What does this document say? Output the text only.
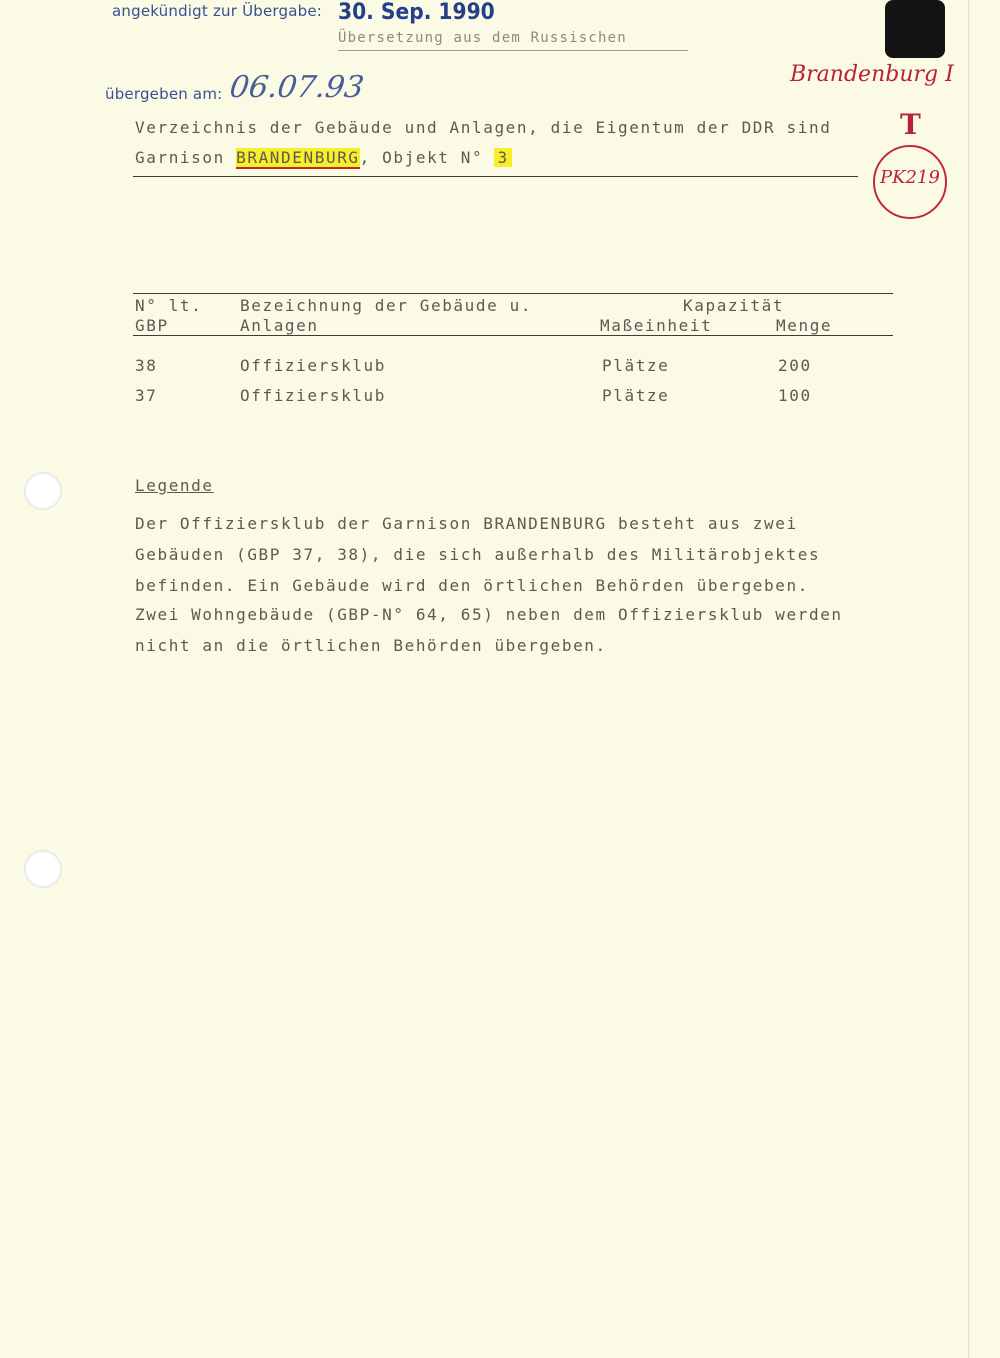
angekündigt zur Übergabe: 30. Sep. 1990
Übersetzung aus dem Russischen
übergeben am: 06.07.93	Brandenburg I
T
PK219
Verzeichnis der Gebäude und Anlagen, die Eigentum der DDR sind
Garnison BRANDENBURG, Objekt N° 3
N° lt.
GBP
Bezeichnung der Gebäude u.
Anlagen
Kapazität
Maßeinheit	Menge
38	Offiziersklub	Plätze	200
37	Offiziersklub	Plätze	100
Legende
Der Offiziersklub der Garnison BRANDENBURG besteht aus zwei
Gebäuden (GBP 37, 38), die sich außerhalb des Militärobjektes
befinden. Ein Gebäude wird den örtlichen Behörden übergeben.
Zwei Wohngebäude (GBP-N° 64, 65) neben dem Offiziersklub werden
nicht an die örtlichen Behörden übergeben.
